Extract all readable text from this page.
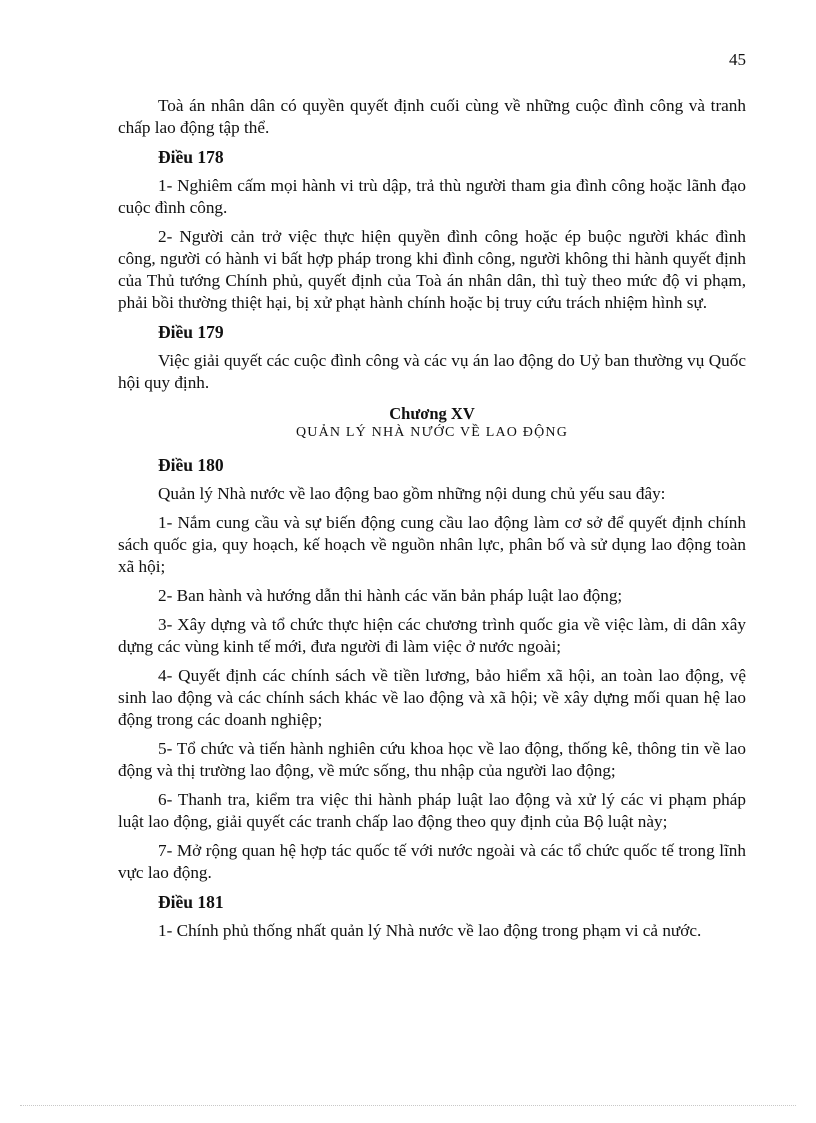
45

Toà án nhân dân có quyền quyết định cuối cùng về những cuộc đình công và tranh chấp lao động tập thể.

Điều 178

1- Nghiêm cấm mọi hành vi trù dập, trả thù người tham gia đình công hoặc lãnh đạo cuộc đình công.

2- Người cản trở việc thực hiện quyền đình công hoặc ép buộc người khác đình công, người có hành vi bất hợp pháp trong khi đình công, người không thi hành quyết định của Thủ tướng Chính phủ, quyết định của Toà án nhân dân, thì tuỳ theo mức độ vi phạm, phải bồi thường thiệt hại, bị xử phạt hành chính hoặc bị truy cứu trách nhiệm hình sự.

Điều 179

Việc giải quyết các cuộc đình công và các vụ án lao động do Uỷ ban thường vụ Quốc hội quy định.

Chương XV
QUẢN LÝ NHÀ NƯỚC VỀ LAO ĐỘNG
Điều 180

Quản lý Nhà nước về lao động bao gồm những nội dung chủ yếu sau đây:

1- Nắm cung cầu và sự biến động cung cầu lao động làm cơ sở để quyết định chính sách quốc gia, quy hoạch, kế hoạch về nguồn nhân lực, phân bố và sử dụng lao động toàn xã hội;

2- Ban hành và hướng dẫn thi hành các văn bản pháp luật lao động;

3- Xây dựng và tổ chức thực hiện các chương trình quốc gia về việc làm, di dân xây dựng các vùng kinh tế mới, đưa người đi làm việc ở nước ngoài;

4- Quyết định các chính sách về tiền lương, bảo hiểm xã hội, an toàn lao động, vệ sinh lao động và các chính sách khác về lao động và xã hội; về xây dựng mối quan hệ lao động trong các doanh nghiệp;

5- Tổ chức và tiến hành nghiên cứu khoa học về lao động, thống kê, thông tin về lao động và thị trường lao động, về mức sống, thu nhập của người lao động;

6- Thanh tra, kiểm tra việc thi hành pháp luật lao động và xử lý các vi phạm pháp luật lao động, giải quyết các tranh chấp lao động theo quy định của Bộ luật này;

7- Mở rộng quan hệ hợp tác quốc tế với nước ngoài và các tổ chức quốc tế trong lĩnh vực lao động.

Điều 181

1- Chính phủ thống nhất quản lý Nhà nước về lao động trong phạm vi cả nước.
